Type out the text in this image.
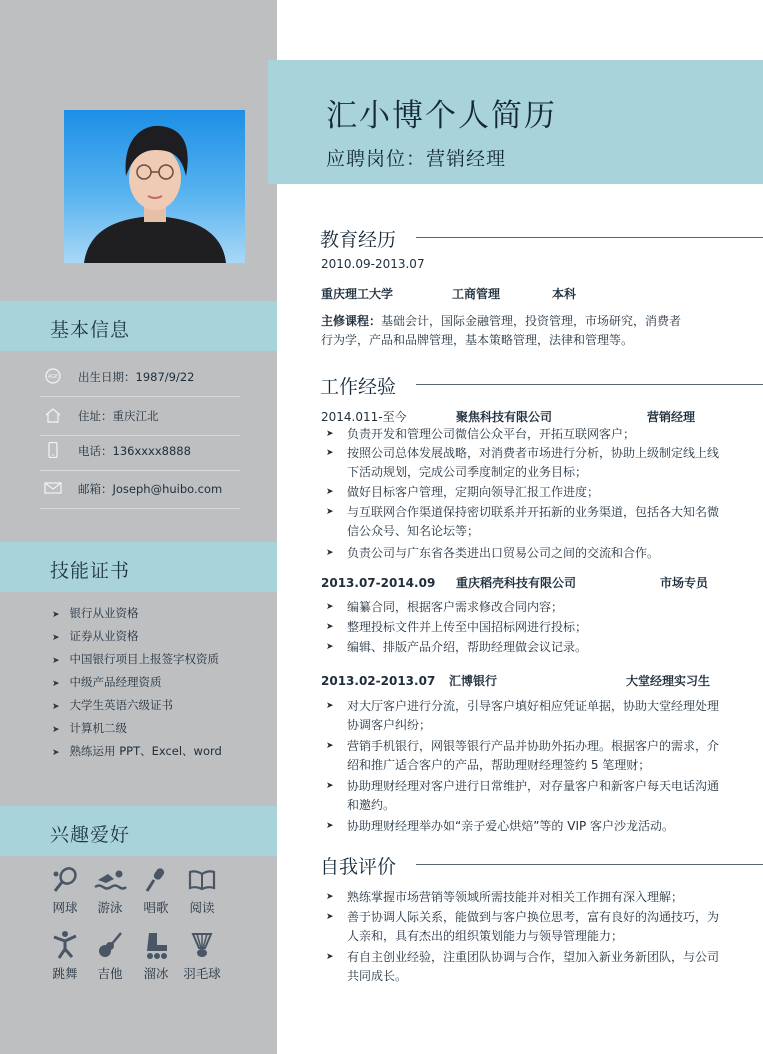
基本信息
AGE 出生日期：1987/9/22
住址：重庆江北
电话：136xxxx8888
邮箱：Joseph@huibo.com
技能证书
➤ 银行从业资格
➤ 证券从业资格
➤ 中国银行项目上报签字权资质
➤ 中级产品经理资质
➤ 大学生英语六级证书
➤ 计算机二级
➤ 熟练运用 PPT、Excel、word
兴趣爱好
网球	游泳	唱歌	阅读
跳舞	吉他	溜冰	羽毛球
汇小博个人简历
应聘岗位：营销经理
教育经历
2010.09-2013.07
重庆理工大学	工商管理	本科
主修课程：基础会计，国际金融管理，投资管理，市场研究，消费者
行为学，产品和品牌管理，基本策略管理，法律和管理等。
工作经验
2014.011-至今	聚焦科技有限公司	营销经理
➤	负责开发和管理公司微信公众平台，开拓互联网客户；
➤	按照公司总体发展战略，对消费者市场进行分析，协助上级制定线上线下活动规划，完成公司季度制定的业务目标；
➤	做好目标客户管理，定期向领导汇报工作进度；
➤	与互联网合作渠道保持密切联系并开拓新的业务渠道，包括各大知名微信公众号、知名论坛等；
➤	负责公司与广东省各类进出口贸易公司之间的交流和合作。
2013.07-2014.09 重庆稻壳科技有限公司	市场专员
➤	编纂合同，根据客户需求修改合同内容；
➤	整理投标文件并上传至中国招标网进行投标；
➤	编辑、排版产品介绍，帮助经理做会议记录。
2013.02-2013.07 汇博银行	大堂经理实习生
➤	对大厅客户进行分流，引导客户填好相应凭证单据，协助大堂经理处理协调客户纠纷；
➤	营销手机银行，网银等银行产品并协助外拓办理。根据客户的需求，介绍和推广适合客户的产品，帮助理财经理签约 5 笔理财；
➤	协助理财经理对客户进行日常维护，对存量客户和新客户每天电话沟通和邀约。
➤	协助理财经理举办如“亲子爱心烘焙”等的 VIP 客户沙龙活动。
自我评价
➤	熟练掌握市场营销等领域所需技能并对相关工作拥有深入理解；
➤	善于协调人际关系，能做到与客户换位思考，富有良好的沟通技巧，为人亲和，具有杰出的组织策划能力与领导管理能力；
➤	有自主创业经验，注重团队协调与合作，望加入新业务新团队，与公司共同成长。
